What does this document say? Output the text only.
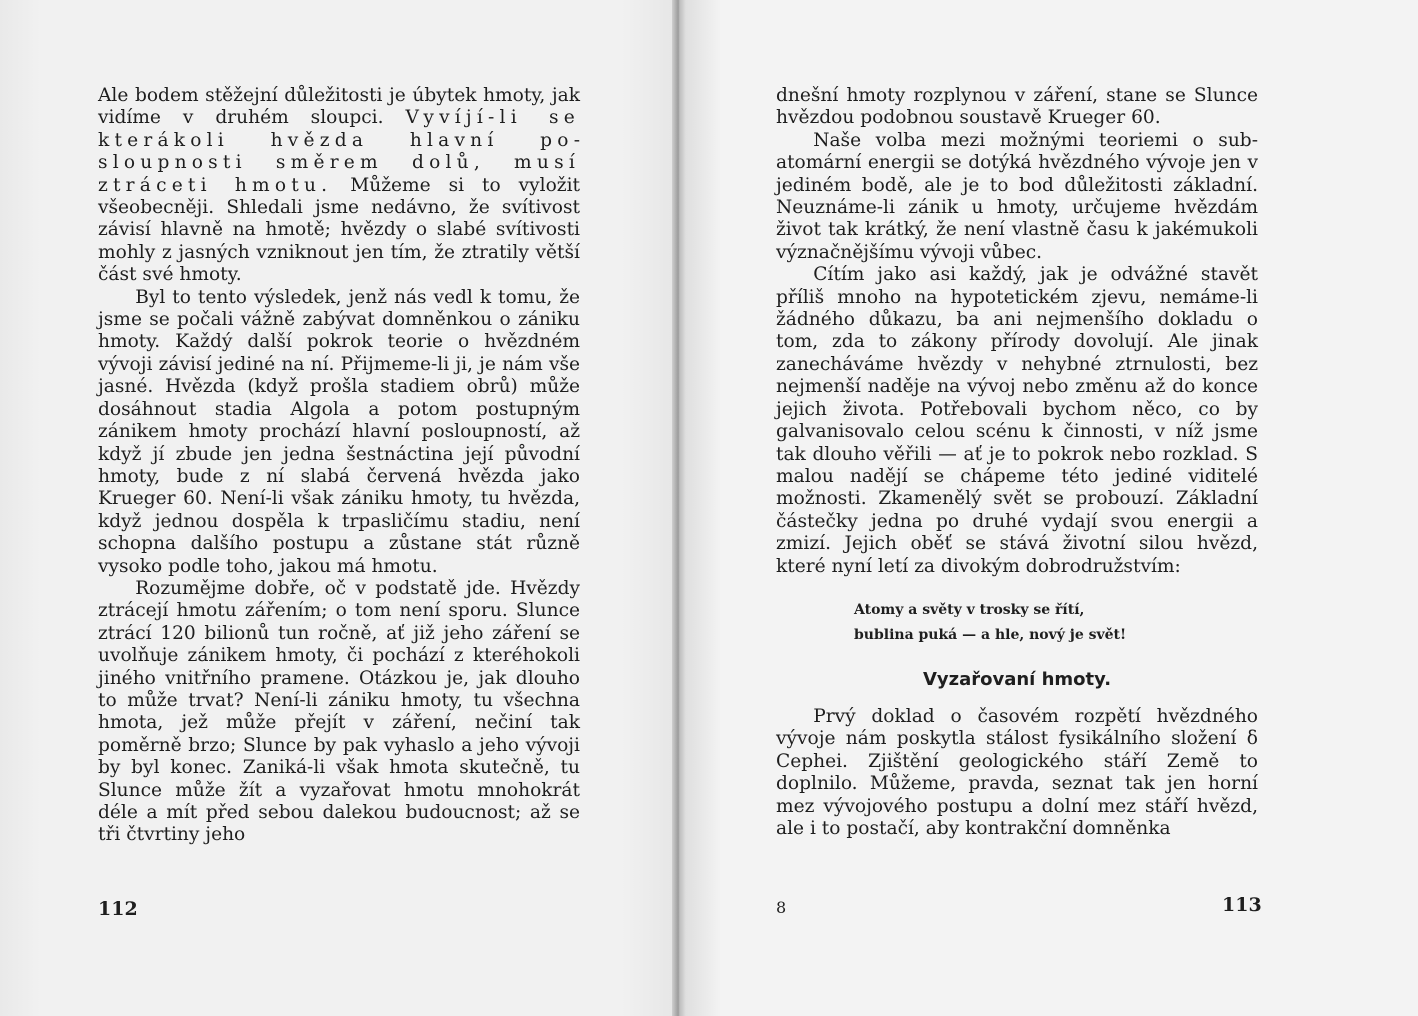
Ale bodem stěžejní důležitosti je úbytek hmoty, jak vidíme v druhém sloupci. Vyvíjí-li se kterákoli hvězda hlavní posloupnosti směrem dolů, musí ztráceti hmotu. Můžeme si to vyložit všeobecněji. Shledali jsme nedávno, že svítivost závisí hlavně na hmotě; hvězdy o slabé svítivosti mohly z jasných vzniknout jen tím, že ztratily větší část své hmoty.

Byl to tento výsledek, jenž nás vedl k tomu, že jsme se počali vážně zabývat domněnkou o zániku hmoty. Každý další pokrok teorie o hvězdném vývoji závisí jediné na ní. Přijmeme-li ji, je nám vše jasné. Hvězda (když prošla stadiem obrů) může dosáhnout stadia Algola a potom postupným zánikem hmoty prochází hlavní posloupností, až když jí zbude jen jedna šestnáctina její původní hmoty, bude z ní slabá červená hvězda jako Krueger 60. Není-li však zániku hmoty, tu hvězda, když jednou dospěla k trpasličímu stadiu, není schopna dalšího postupu a zůstane stát různě vysoko podle toho, jakou má hmotu.

Rozumějme dobře, oč v podstatě jde. Hvězdy ztrácejí hmotu zářením; o tom není sporu. Slunce ztrácí 120 bilionů tun ročně, ať již jeho záření se uvolňuje zánikem hmoty, či pochází z kteréhokoli jiného vnitřního pramene. Otázkou je, jak dlouho to může trvat? Není-li zániku hmoty, tu všechna hmota, jež může přejít v záření, nečiní tak poměrně brzo; Slunce by pak vyhaslo a jeho vývoji by byl konec. Zaniká-li však hmota skutečně, tu Slunce může žít a vyzařovat hmotu mnohokrát déle a mít před sebou dalekou budoucnost; až se tři čtvrtiny jeho

112

dnešní hmoty rozplynou v záření, stane se Slunce hvězdou podobnou soustavě Krueger 60.

Naše volba mezi možnými teoriemi o subatomární energii se dotýká hvězdného vývoje jen v jediném bodě, ale je to bod důležitosti základní. Neuznáme-li zánik u hmoty, určujeme hvězdám život tak krátký, že není vlastně času k jakémukoli význačnějšímu vývoji vůbec.

Cítím jako asi každý, jak je odvážné stavět příliš mnoho na hypotetickém zjevu, nemáme-li žádného důkazu, ba ani nejmenšího dokladu o tom, zda to zákony přírody dovolují. Ale jinak zanecháváme hvězdy v nehybné ztrnulosti, bez nejmenší naděje na vývoj nebo změnu až do konce jejich života. Potřebovali bychom něco, co by galvanisovalo celou scénu k činnosti, v níž jsme tak dlouho věřili — ať je to pokrok nebo rozklad. S malou nadějí se chápeme této jediné viditelé možnosti. Zkamenělý svět se probouzí. Základní částečky jedna po druhé vydají svou energii a zmizí. Jejich oběť se stává životní silou hvězd, které nyní letí za divokým dobrodružstvím:

Atomy a světy v trosky se řítí,
bublina puká — a hle, nový je svět!
Vyzařovaní hmoty.

Prvý doklad o časovém rozpětí hvězdného vývoje nám poskytla stálost fysikálního složení δ Cephei. Zjištění geologického stáří Země to doplnilo. Můžeme, pravda, seznat tak jen horní mez vývojového postupu a dolní mez stáří hvězd, ale i to postačí, aby kontrakční domněnka

8	113
